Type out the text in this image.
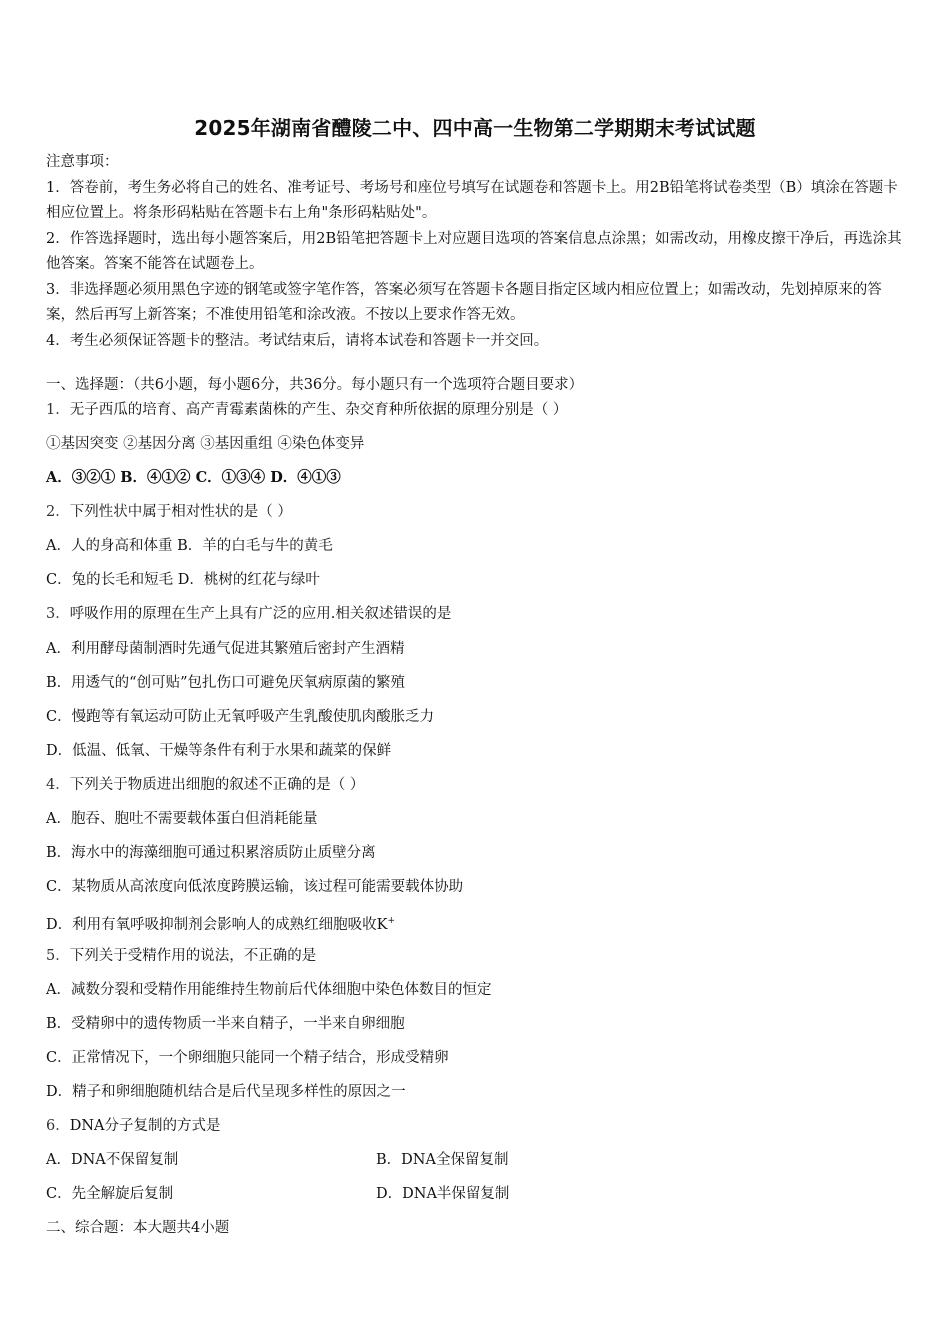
2025年湖南省醴陵二中、四中高一生物第二学期期末考试试题

注意事项：

1．答卷前，考生务必将自己的姓名、准考证号、考场号和座位号填写在试题卷和答题卡上。用2B铅笔将试卷类型（B）填涂在答题卡相应位置上。将条形码粘贴在答题卡右上角"条形码粘贴处"。

2．作答选择题时，选出每小题答案后，用2B铅笔把答题卡上对应题目选项的答案信息点涂黑；如需改动，用橡皮擦干净后，再选涂其他答案。答案不能答在试题卷上。

3．非选择题必须用黑色字迹的钢笔或签字笔作答，答案必须写在答题卡各题目指定区域内相应位置上；如需改动，先划掉原来的答案，然后再写上新答案；不准使用铅笔和涂改液。不按以上要求作答无效。

4．考生必须保证答题卡的整洁。考试结束后，请将本试卷和答题卡一并交回。

一、选择题：（共6小题，每小题6分，共36分。每小题只有一个选项符合题目要求）
1．无子西瓜的培育、高产青霉素菌株的产生、杂交育种所依据的原理分别是（ ）
①基因突变 ②基因分离 ③基因重组 ④染色体变异
A．③②① B．④①② C．①③④ D．④①③
2．下列性状中属于相对性状的是（ ）
A．人的身高和体重 B．羊的白毛与牛的黄毛
C．兔的长毛和短毛 D．桃树的红花与绿叶
3．呼吸作用的原理在生产上具有广泛的应用.相关叙述错误的是
A．利用酵母菌制酒时先通气促进其繁殖后密封产生酒精
B．用透气的“创可贴”包扎伤口可避免厌氧病原菌的繁殖
C．慢跑等有氧运动可防止无氧呼吸产生乳酸使肌肉酸胀乏力
D．低温、低氧、干燥等条件有利于水果和蔬菜的保鲜
4．下列关于物质进出细胞的叙述不正确的是（ ）
A．胞吞、胞吐不需要载体蛋白但消耗能量
B．海水中的海藻细胞可通过积累溶质防止质壁分离
C．某物质从高浓度向低浓度跨膜运输，该过程可能需要载体协助
D．利用有氧呼吸抑制剂会影响人的成熟红细胞吸收K+
5．下列关于受精作用的说法，不正确的是
A．减数分裂和受精作用能维持生物前后代体细胞中染色体数目的恒定
B．受精卵中的遗传物质一半来自精子，一半来自卵细胞
C．正常情况下，一个卵细胞只能同一个精子结合，形成受精卵
D．精子和卵细胞随机结合是后代呈现多样性的原因之一
6．DNA分子复制的方式是
A．DNA不保留复制	B．DNA全保留复制
C．先全解旋后复制	D．DNA半保留复制
二、综合题：本大题共4小题
